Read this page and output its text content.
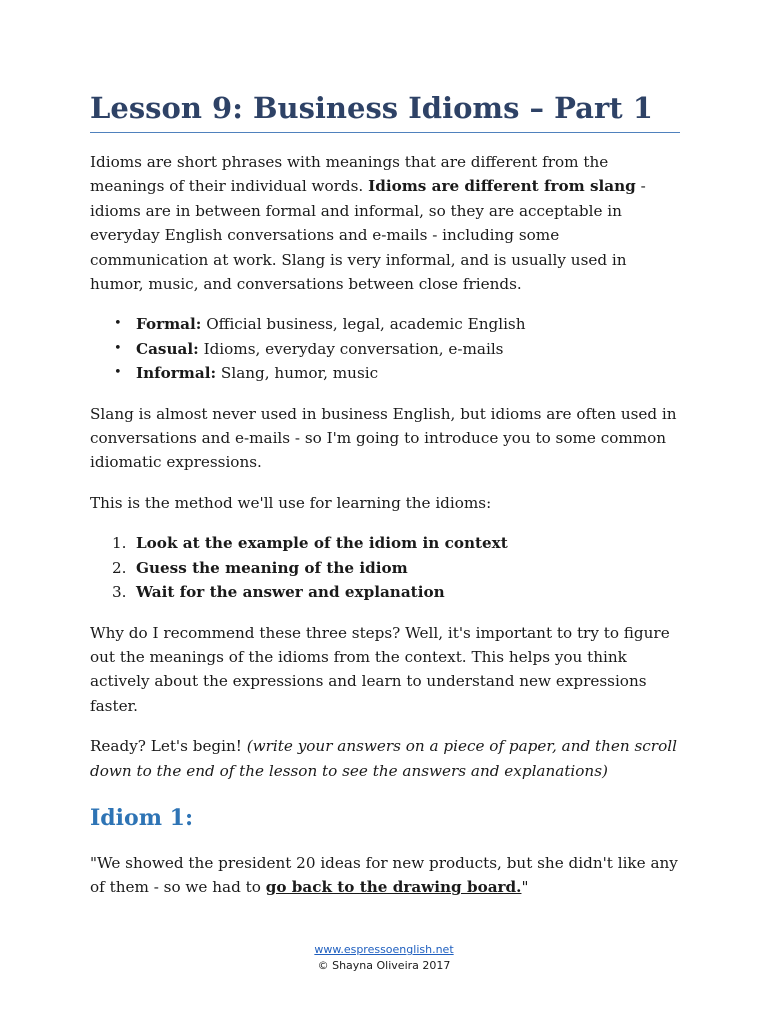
Lesson 9: Business Idioms – Part 1

Idioms are short phrases with meanings that are different from the meanings of their individual words. Idioms are different from slang - idioms are in between formal and informal, so they are acceptable in everyday English conversations and e-mails - including some communication at work. Slang is very informal, and is usually used in humor, music, and conversations between close friends.

• Formal: Official business, legal, academic English
• Casual: Idioms, everyday conversation, e-mails
• Informal: Slang, humor, music

Slang is almost never used in business English, but idioms are often used in conversations and e-mails - so I'm going to introduce you to some common idiomatic expressions.

This is the method we'll use for learning the idioms:

1. Look at the example of the idiom in context
2. Guess the meaning of the idiom
3. Wait for the answer and explanation

Why do I recommend these three steps? Well, it's important to try to figure out the meanings of the idioms from the context. This helps you think actively about the expressions and learn to understand new expressions faster.

Ready? Let's begin! (write your answers on a piece of paper, and then scroll down to the end of the lesson to see the answers and explanations)

Idiom 1:

"We showed the president 20 ideas for new products, but she didn't like any of them - so we had to go back to the drawing board."

www.espressoenglish.net
© Shayna Oliveira 2017
